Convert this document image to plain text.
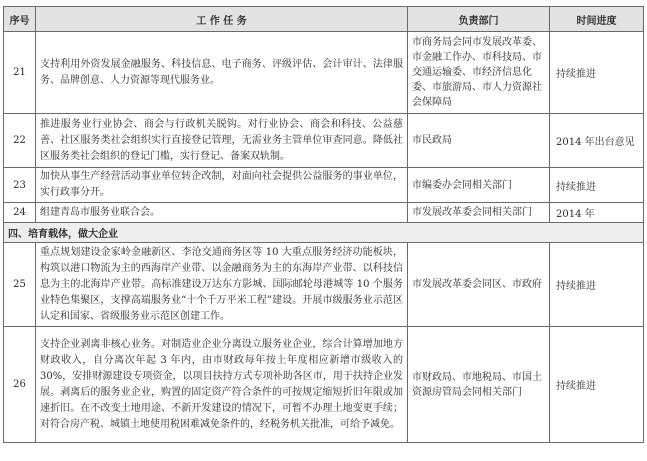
序号	工 作 任 务	负责部门	时间进度
21	支持利用外资发展金融服务、科技信息、电子商务、评级评估、会计审计、法律服务、品牌创意、人力资源等现代服务业。	市商务局会同市发展改革委、市金融工作办、市科技局、市交通运输委、市经济信息化委、市旅游局、市人力资源社会保障局	持续推进
22	推进服务业行业协会、商会与行政机关脱钩。对行业协会、商会和科技、公益慈善、社区服务类社会组织实行直接登记管理，无需业务主管单位审查同意。降低社区服务类社会组织的登记门槛，实行登记、备案双轨制。	市民政局	2014 年出台意见
23	加快从事生产经营活动事业单位转企改制，对面向社会提供公益服务的事业单位，实行政事分开。	市编委办会同相关部门	持续推进
24	组建青岛市服务业联合会。	市发展改革委会同相关部门	2014 年
四、培育载体，做大企业			
25	重点规划建设金家岭金融新区、李沧交通商务区等 10 大重点服务经济功能板块，构筑以港口物流为主的西海岸产业带、以金融商务为主的东海岸产业带、以科技信息为主的北海岸产业带。高标准建设万达东方影城、国际邮轮母港城等 10 个服务业特色集聚区，支撑高端服务业“十个千万平米工程”建设。开展市级服务业示范区认定和国家、省级服务业示范区创建工作。	市发展改革委会同区、市政府	持续推进
26	支持企业剥离非核心业务。对制造业企业分离设立服务业企业，综合计算增加地方财政收入，自分离次年起 3 年内，由市财政每年按上年度相应新增市级收入的 30%，安排财源建设专项资金，以项目扶持方式专项补助各区市，用于扶持企业发展。剥离后的服务业企业，购置的固定资产符合条件的可按规定缩短折旧年限或加速折旧。在不改变土地用途、不新开发建设的情况下，可暂不办理土地变更手续；对符合房产税、城镇土地使用税困难减免条件的，经税务机关批准，可给予减免。	市财政局、市地税局、市国土资源房管局会同相关部门	持续推进
